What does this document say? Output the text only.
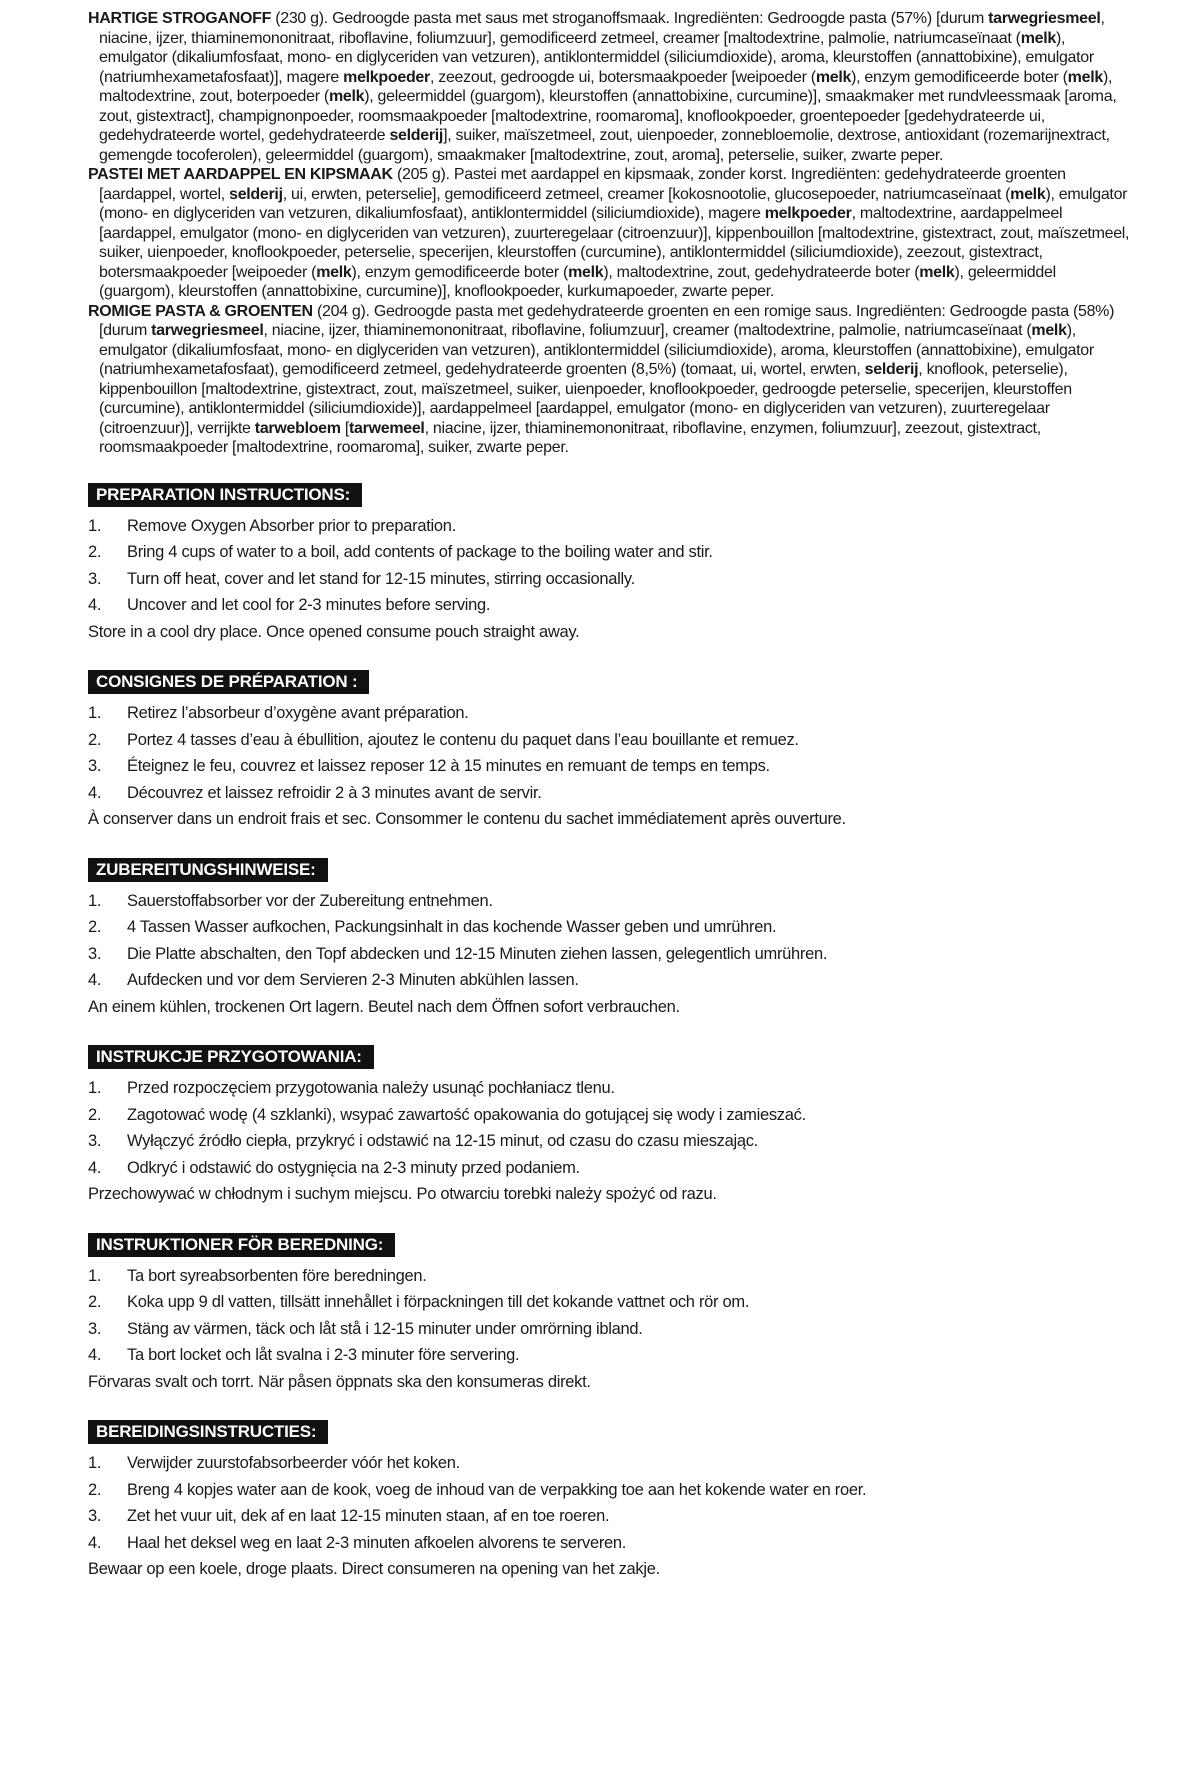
HARTIGE STROGANOFF (230 g). Gedroogde pasta met saus met stroganoffsmaak. Ingrediënten: Gedroogde pasta (57%) [durum tarwegriesmeel, niacine, ijzer, thiaminemononitraat, riboflavine, foliumzuur], gemodificeerd zetmeel, creamer [maltodextrine, palmolie, natriumcaseïnaat (melk), emulgator (dikaliumfosfaat, mono- en diglyceriden van vetzuren), antiklontermiddel (siliciumdioxide), aroma, kleurstoffen (annattobixine), emulgator (natriumhexametafosfaat)], magere melkpoeder, zeezout, gedroogde ui, botersmaakpoeder [weipoeder (melk), enzym gemodificeerde boter (melk), maltodextrine, zout, boterpoeder (melk), geleermiddel (guargom), kleurstoffen (annattobixine, curcumine)], smaakmaker met rundvleessmaak [aroma, zout, gistextract], champignonpoeder, roomsmaakpoeder [maltodextrine, roomaroma], knoflookpoeder, groentepoeder [gedehydrateerde ui, gedehydrateerde wortel, gedehydrateerde selderij], suiker, maïszetmeel, zout, uienpoeder, zonnebloemolie, dextrose, antioxidant (rozemarijnextract, gemengde tocoferolen), geleermiddel (guargom), smaakmaker [maltodextrine, zout, aroma], peterselie, suiker, zwarte peper.

PASTEI MET AARDAPPEL EN KIPSMAAK (205 g). Pastei met aardappel en kipsmaak, zonder korst. Ingrediënten: gedehydrateerde groenten [aardappel, wortel, selderij, ui, erwten, peterselie], gemodificeerd zetmeel, creamer [kokosnootolie, glucosepoeder, natriumcaseïnaat (melk), emulgator (mono- en diglyceriden van vetzuren, dikaliumfosfaat), antiklontermiddel (siliciumdioxide), magere melkpoeder, maltodextrine, aardappelmeel [aardappel, emulgator (mono- en diglyceriden van vetzuren), zuurteregelaar (citroenzuur)], kippenbouillon [maltodextrine, gistextract, zout, maïszetmeel, suiker, uienpoeder, knoflookpoeder, peterselie, specerijen, kleurstoffen (curcumine), antiklontermiddel (siliciumdioxide), zeezout, gistextract, botersmaakpoeder [weipoeder (melk), enzym gemodificeerde boter (melk), maltodextrine, zout, gedehydrateerde boter (melk), geleermiddel (guargom), kleurstoffen (annattobixine, curcumine)], knoflookpoeder, kurkumapoeder, zwarte peper.

ROMIGE PASTA & GROENTEN (204 g). Gedroogde pasta met gedehydrateerde groenten en een romige saus. Ingrediënten: Gedroogde pasta (58%) [durum tarwegriesmeel, niacine, ijzer, thiaminemononitraat, riboflavine, foliumzuur], creamer (maltodextrine, palmolie, natriumcaseïnaat (melk), emulgator (dikaliumfosfaat, mono- en diglyceriden van vetzuren), antiklontermiddel (siliciumdioxide), aroma, kleurstoffen (annattobixine), emulgator (natriumhexametafosfaat), gemodificeerd zetmeel, gedehydrateerde groenten (8,5%) (tomaat, ui, wortel, erwten, selderij, knoflook, peterselie), kippenbouillon [maltodextrine, gistextract, zout, maïszetmeel, suiker, uienpoeder, knoflookpoeder, gedroogde peterselie, specerijen, kleurstoffen (curcumine), antiklontermiddel (siliciumdioxide)], aardappelmeel [aardappel, emulgator (mono- en diglyceriden van vetzuren), zuurteregelaar (citroenzuur)], verrijkte tarwebloem [tarwemeel, niacine, ijzer, thiaminemononitraat, riboflavine, enzymen, foliumzuur], zeezout, gistextract, roomsmaakpoeder [maltodextrine, roomaroma], suiker, zwarte peper.

PREPARATION INSTRUCTIONS:
1.	Remove Oxygen Absorber prior to preparation.
2.	Bring 4 cups of water to a boil, add contents of package to the boiling water and stir.
3.	Turn off heat, cover and let stand for 12-15 minutes, stirring occasionally.
4.	Uncover and let cool for 2-3 minutes before serving.

Store in a cool dry place. Once opened consume pouch straight away.

CONSIGNES DE PRÉPARATION :
1.	Retirez l’absorbeur d’oxygène avant préparation.
2.	Portez 4 tasses d’eau à ébullition, ajoutez le contenu du paquet dans l’eau bouillante et remuez.
3.	Éteignez le feu, couvrez et laissez reposer 12 à 15 minutes en remuant de temps en temps.
4.	Découvrez et laissez refroidir 2 à 3 minutes avant de servir.

À conserver dans un endroit frais et sec. Consommer le contenu du sachet immédiatement après ouverture.

ZUBEREITUNGSHINWEISE:
1.	Sauerstoffabsorber vor der Zubereitung entnehmen.
2.	4 Tassen Wasser aufkochen, Packungsinhalt in das kochende Wasser geben und umrühren.
3.	Die Platte abschalten, den Topf abdecken und 12-15 Minuten ziehen lassen, gelegentlich umrühren.
4.	Aufdecken und vor dem Servieren 2-3 Minuten abkühlen lassen.

An einem kühlen, trockenen Ort lagern. Beutel nach dem Öffnen sofort verbrauchen.

INSTRUKCJE PRZYGOTOWANIA:
1.	Przed rozpoczęciem przygotowania należy usunąć pochłaniacz tlenu.
2.	Zagotować wodę (4 szklanki), wsypać zawartość opakowania do gotującej się wody i zamieszać.
3.	Wyłączyć źródło ciepła, przykryć i odstawić na 12-15 minut, od czasu do czasu mieszając.
4.	Odkryć i odstawić do ostygnięcia na 2-3 minuty przed podaniem.

Przechowywać w chłodnym i suchym miejscu. Po otwarciu torebki należy spożyć od razu.

INSTRUKTIONER FÖR BEREDNING:
1.	Ta bort syreabsorbenten före beredningen.
2.	Koka upp 9 dl vatten, tillsätt innehållet i förpackningen till det kokande vattnet och rör om.
3.	Stäng av värmen, täck och låt stå i 12-15 minuter under omrörning ibland.
4.	Ta bort locket och låt svalna i 2-3 minuter före servering.

Förvaras svalt och torrt. När påsen öppnats ska den konsumeras direkt.

BEREIDINGSINSTRUCTIES:
1.	Verwijder zuurstofabsorbeerder vóór het koken.
2.	Breng 4 kopjes water aan de kook, voeg de inhoud van de verpakking toe aan het kokende water en roer.
3.	Zet het vuur uit, dek af en laat 12-15 minuten staan, af en toe roeren.
4.	Haal het deksel weg en laat 2-3 minuten afkoelen alvorens te serveren.

Bewaar op een koele, droge plaats. Direct consumeren na opening van het zakje.
